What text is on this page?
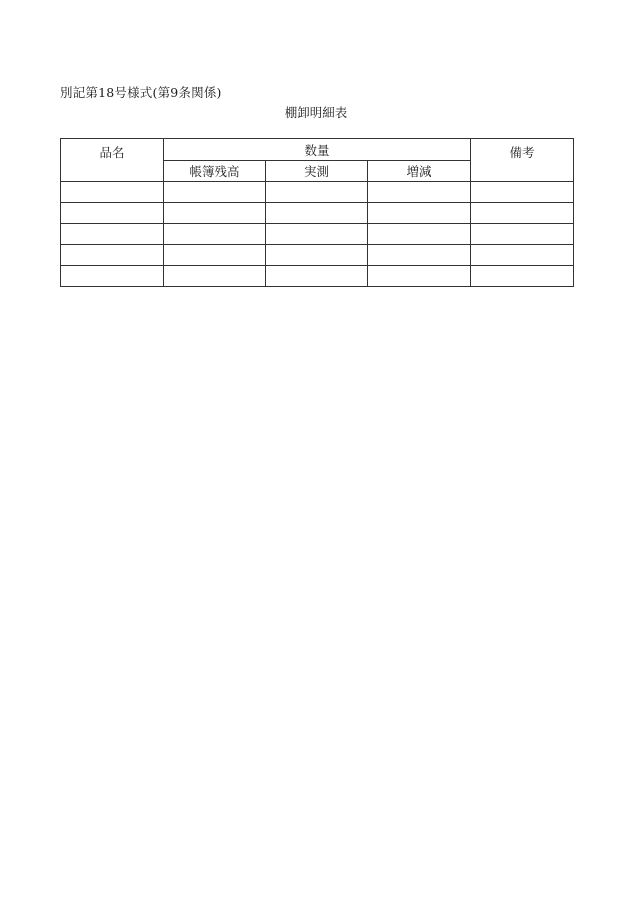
別記第18号様式(第9条関係)
棚卸明細表
品名	数量			備考
	帳簿残高	実測	増減	
